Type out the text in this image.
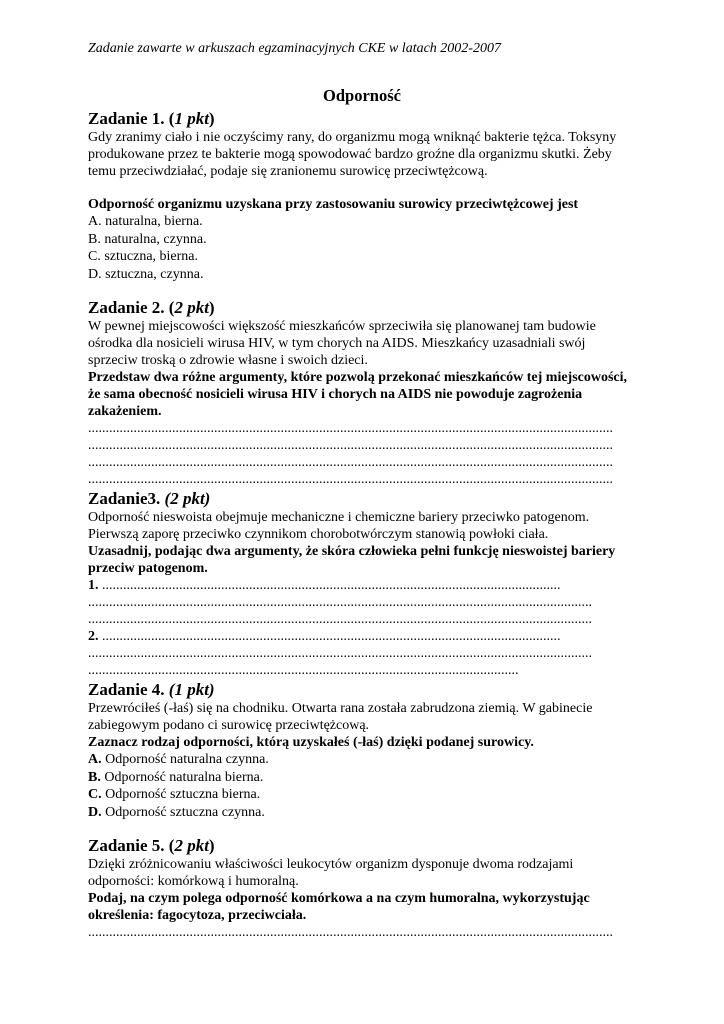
Zadanie zawarte w arkuszach egzaminacyjnych CKE w latach 2002-2007
Odporność
Zadanie 1. (1 pkt)

Gdy zranimy ciało i nie oczyścimy rany, do organizmu mogą wniknąć bakterie tężca. Toksyny produkowane przez te bakterie mogą spowodować bardzo groźne dla organizmu skutki. Żeby temu przeciwdziałać, podaje się zranionemu surowicę przeciwtężcową.

Odporność organizmu uzyskana przy zastosowaniu surowicy przeciwtężcowej jest

A. naturalna, bierna.
B. naturalna, czynna.
C. sztuczna, bierna.
D. sztuczna, czynna.
Zadanie 2. (2 pkt)

W pewnej miejscowości większość mieszkańców sprzeciwiła się planowanej tam budowie ośrodka dla nosicieli wirusa HIV, w tym chorych na AIDS. Mieszkańcy uzasadniali swój sprzeciw troską o zdrowie własne i swoich dzieci.

Przedstaw dwa różne argumenty, które pozwolą przekonać mieszkańców tej miejscowości, że sama obecność nosicieli wirusa HIV i chorych na AIDS nie powoduje zagrożenia zakażeniem.

......................................................................................................................................................
......................................................................................................................................................
......................................................................................................................................................
......................................................................................................................................................
Zadanie3. (2 pkt)

Odporność nieswoista obejmuje mechaniczne i chemiczne bariery przeciwko patogenom. Pierwszą zaporę przeciwko czynnikom chorobotwórczym stanowią powłoki ciała.

Uzasadnij, podając dwa argumenty, że skóra człowieka pełni funkcję nieswoistej bariery przeciw patogenom.

1. ...................................................................................................................................
................................................................................................................................................
................................................................................................................................................
2. ...................................................................................................................................
................................................................................................................................................
...........................................................................................................................
Zadanie 4. (1 pkt)

Przewróciłeś (-łaś) się na chodniku. Otwarta rana została zabrudzona ziemią. W gabinecie zabiegowym podano ci surowicę przeciwtężcową.

Zaznacz rodzaj odporności, którą uzyskałeś (-łaś) dzięki podanej surowicy.

A. Odporność naturalna czynna.
B. Odporność naturalna bierna.
C. Odporność sztuczna bierna.
D. Odporność sztuczna czynna.
Zadanie 5. (2 pkt)

Dzięki zróżnicowaniu właściwości leukocytów organizm dysponuje dwoma rodzajami odporności: komórkową i humoralną.

Podaj, na czym polega odporność komórkowa a na czym humoralna, wykorzystując określenia: fagocytoza, przeciwciała.

......................................................................................................................................................
